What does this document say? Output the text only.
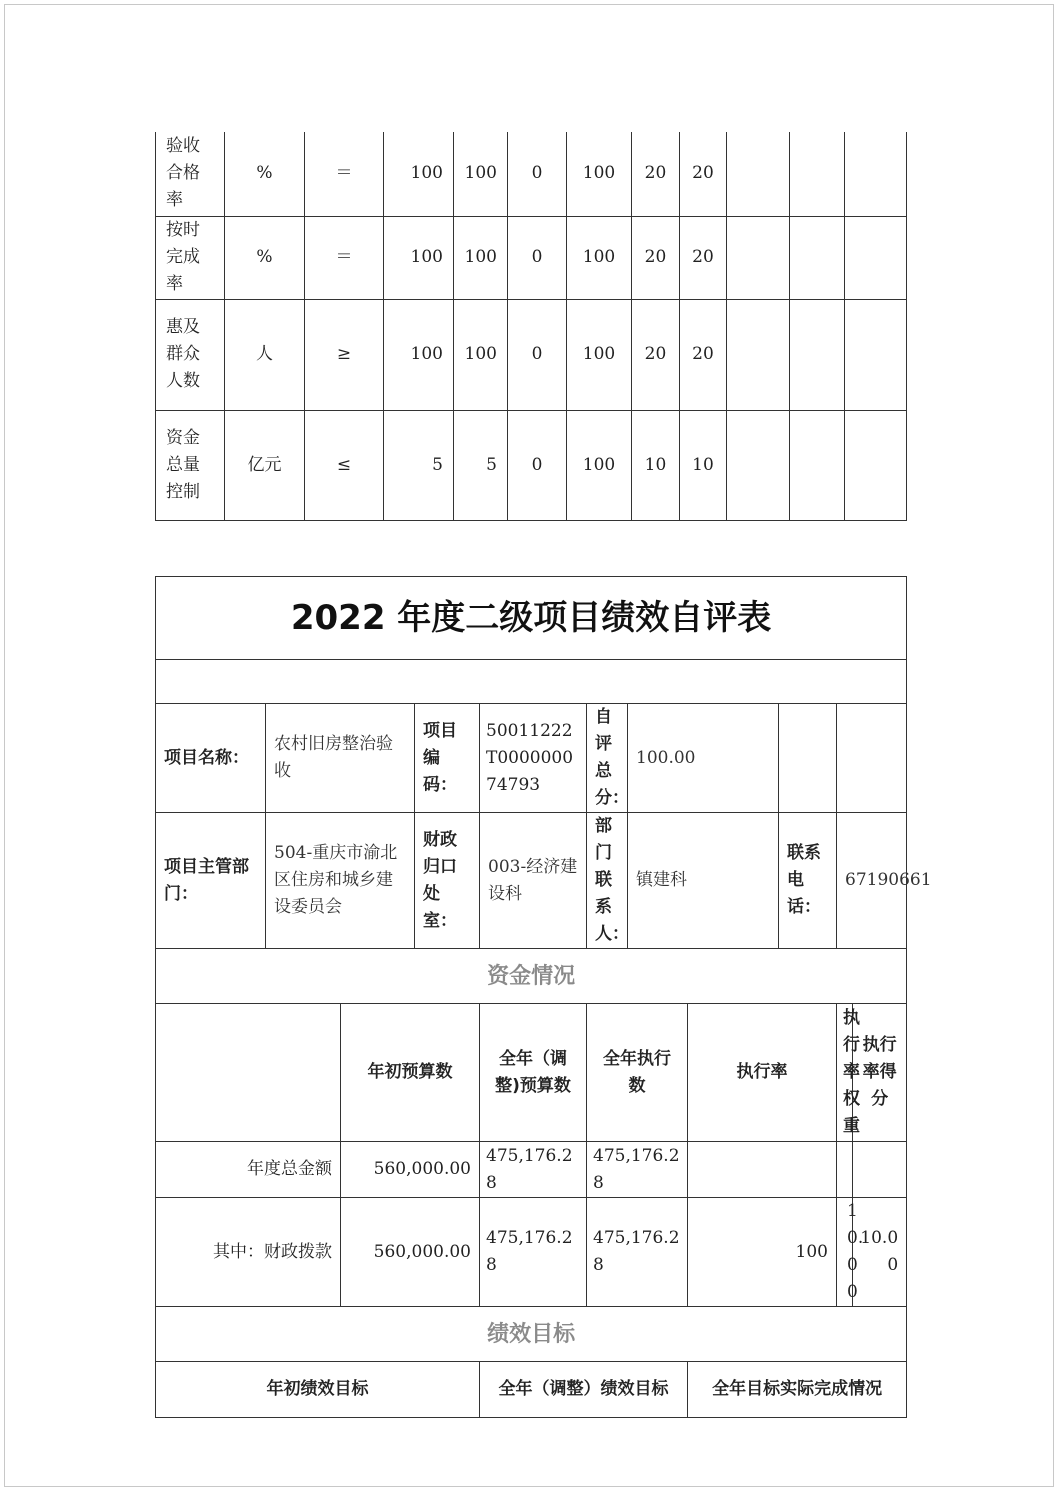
验收合格率	%	＝	100	100	0	100	20	20			

按时完成率	%	＝	100	100	0	100	20	20			

惠及群众人数	人	≥	100	100	0	100	20	20			

资金总量控制	亿元	≤	5	5	0	100	10	10			
2022 年度二级项目绩效自评表										

项目名称：	农村旧房整治验收		项目编码：	50011222T000000074793	自评总分：	100.00				
项目主管部门：	504-重庆市渝北区住房和城乡建设委员会		财政归口处室：	003-经济建设科	部门联系人：	镇建科		联系电话：	67190661	
资金情况										
		年初预算数		全年（调整)预算数	全年执行数		执行率		执行率权重	执行率得分
年度总金额		560,000.00		475,176.28	475,176.28					
其中：财政拨款		560,000.00		475,176.28	475,176.28		100		10.00	10.00
绩效目标										
年初绩效目标				全年（调整）绩效目标			全年目标实际完成情况			
